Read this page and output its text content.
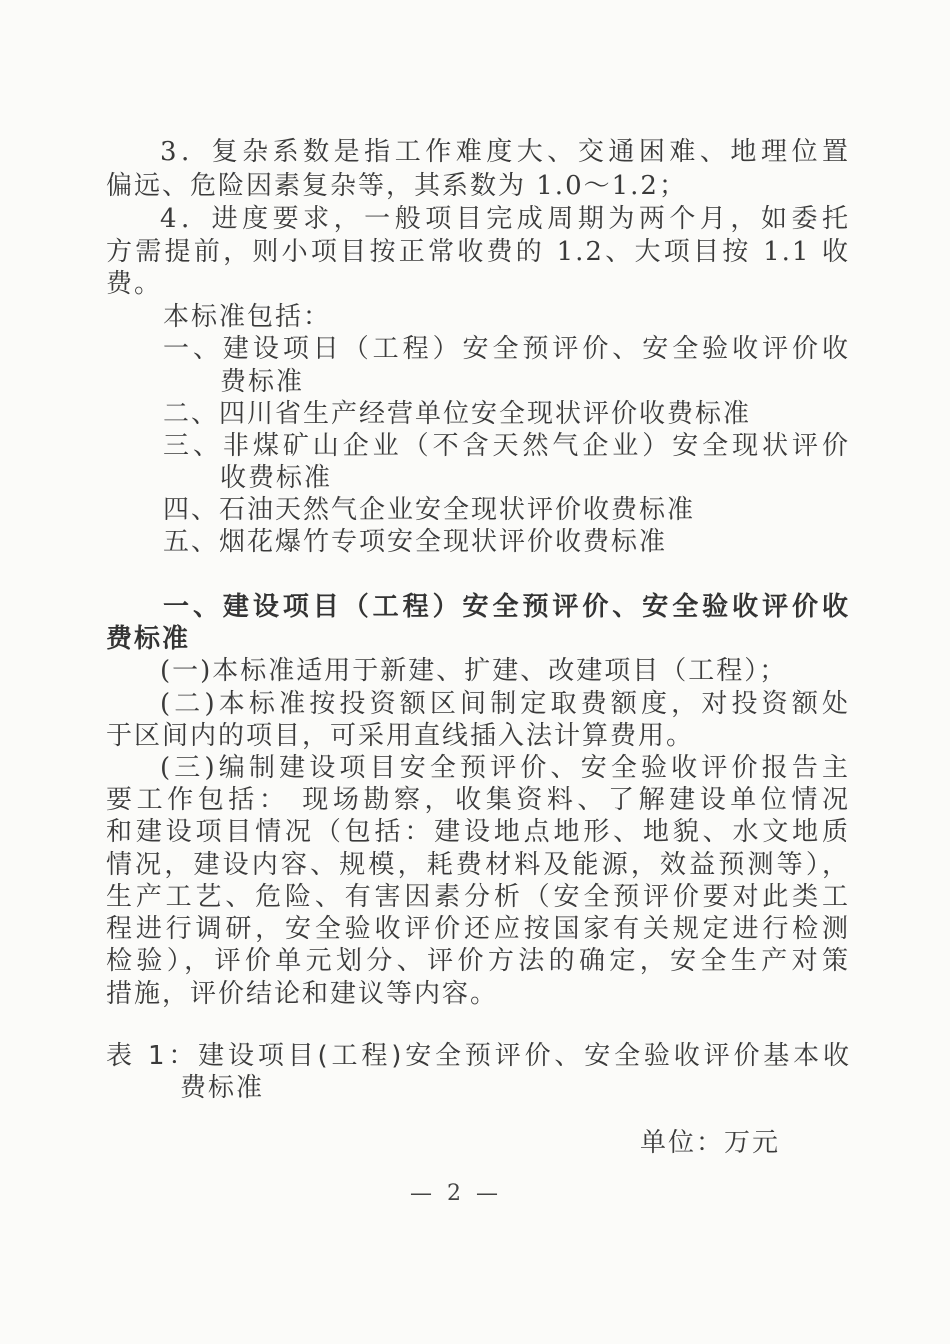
3．复杂系数是指工作难度大、交通困难、地理位置
偏远、危险因素复杂等，其系数为 1.0～1.2；
4．进度要求，一般项目完成周期为两个月，如委托
方需提前，则小项目按正常收费的 1.2、大项目按 1.1 收
费。
本标准包括：
一、建设项日（工程）安全预评价、安全验收评价收
费标准
二、四川省生产经营单位安全现状评价收费标准
三、非煤矿山企业（不含天然气企业）安全现状评价
收费标准
四、石油天然气企业安全现状评价收费标准
五、烟花爆竹专项安全现状评价收费标准
一、建设项目（工程）安全预评价、安全验收评价收
费标准
(一)本标准适用于新建、扩建、改建项目（工程）；
(二)本标准按投资额区间制定取费额度，对投资额处
于区间内的项目，可采用直线插入法计算费用。
(三)编制建设项目安全预评价、安全验收评价报告主
要工作包括： 现场勘察，收集资料、了解建设单位情况
和建设项目情况（包括：建设地点地形、地貌、水文地质
情况，建设内容、规模，耗费材料及能源，效益预测等），
生产工艺、危险、有害因素分析（安全预评价要对此类工
程进行调研，安全验收评价还应按国家有关规定进行检测
检验），评价单元划分、评价方法的确定，安全生产对策
措施，评价结论和建议等内容。
表 1：建设项目(工程)安全预评价、安全验收评价基本收
费标准
单位：万元
— 2 —
